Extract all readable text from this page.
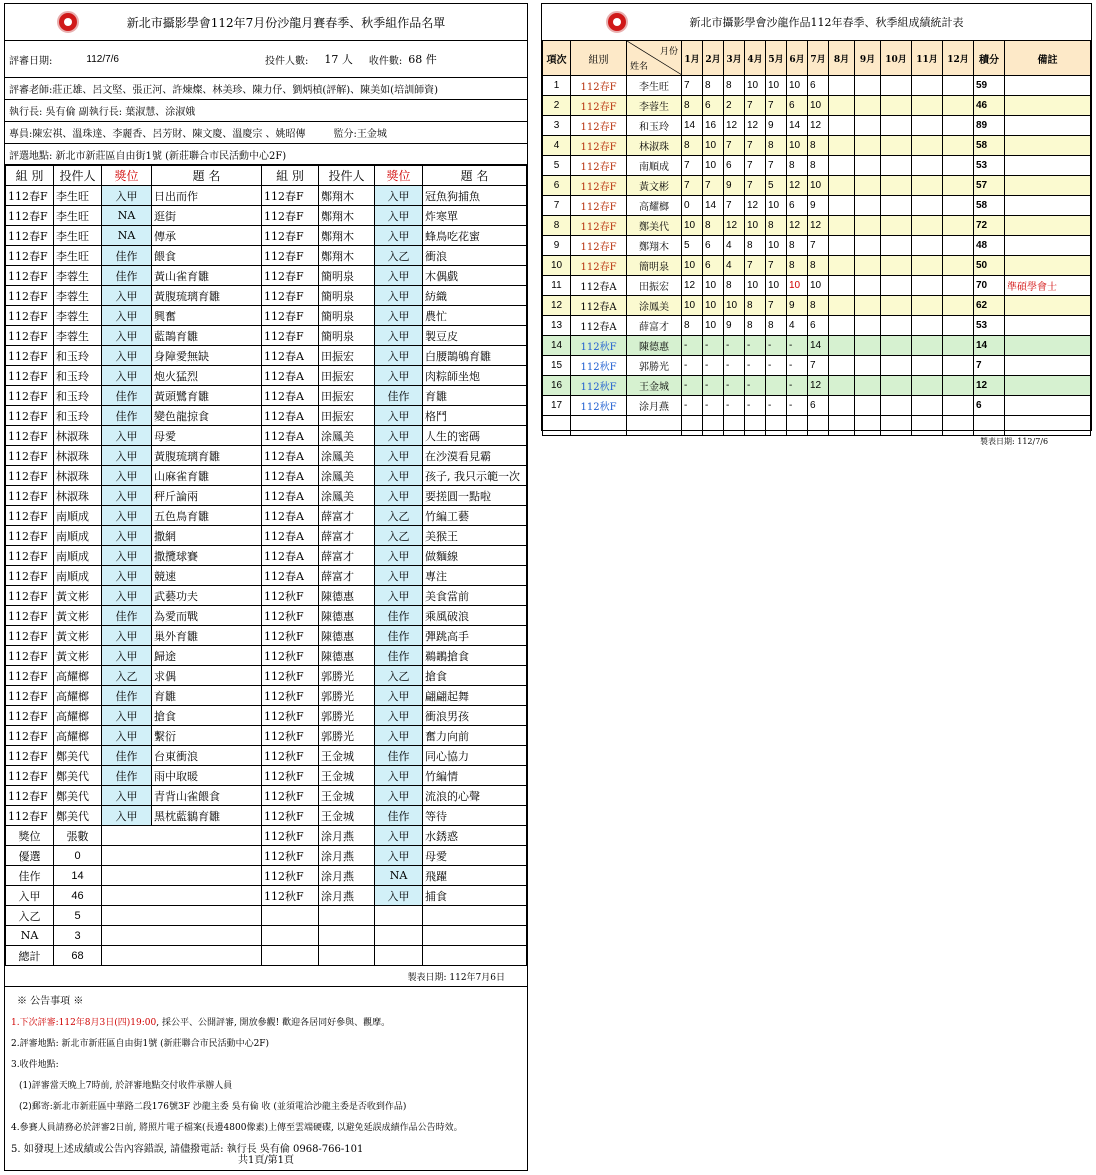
新北市攝影學會112年7月份沙龍月賽春季、秋季組作品名單
評審日期:	112/7/6	投件人數: 17 人 收件數: 68 件
評審老師:莊正雄、呂文堅、張正河、許煉燦、林美珍、陳力伃、劉炳楨(評解)、陳美如(培訓師資)
執行長: 吳有倫 副執行長: 葉淑慧、涂淑娥
專員:陳宏祺、溫珠達、李麗香、呂芳財、陳文慶、溫慶宗 、姚昭傳	監分:王金城
評選地點: 新北市新莊區自由街1號 (新莊聯合市民活動中心2F)
組 別	投件人	獎位	題 名	組 別	投件人	獎位	題 名
112春F	李生旺	入甲	日出而作	112春F	鄭翔木	入甲	冠魚狗捕魚
112春F	李生旺	NA	逛街	112春F	鄭翔木	入甲	炸寒單
112春F	李生旺	NA	傳承	112春F	鄭翔木	入甲	蜂鳥吃花蜜
112春F	李生旺	佳作	餵食	112春F	鄭翔木	入乙	衝浪
112春F	李蓉生	佳作	黃山雀育雛	112春F	簡明泉	入甲	木偶戲
112春F	李蓉生	入甲	黃腹琉璃育雛	112春F	簡明泉	入甲	紡織
112春F	李蓉生	入甲	興奮	112春F	簡明泉	入甲	農忙
112春F	李蓉生	入甲	藍鵲育雛	112春F	簡明泉	入甲	製豆皮
112春F	和玉玲	入甲	身障愛無缺	112春A	田振宏	入甲	白腰鵲鴝育雛
112春F	和玉玲	入甲	炮火猛烈	112春A	田振宏	入甲	肉粽師坐炮
112春F	和玉玲	佳作	黃頭鷺育雛	112春A	田振宏	佳作	育雛
112春F	和玉玲	佳作	變色龍掠食	112春A	田振宏	入甲	格鬥
112春F	林淑珠	入甲	母愛	112春A	涂鳳美	入甲	人生的密碼
112春F	林淑珠	入甲	黃腹琉璃育雛	112春A	涂鳳美	入甲	在沙漠看見霸
112春F	林淑珠	入甲	山麻雀育雛	112春A	涂鳳美	入甲	孩子, 我只示範一次
112春F	林淑珠	入甲	秤斤論兩	112春A	涂鳳美	入甲	要搓圓一點啦
112春F	南順成	入甲	五色鳥育雛	112春A	薛富才	入乙	竹編工藝
112春F	南順成	入甲	撒網	112春A	薛富才	入乙	美猴王
112春F	南順成	入甲	撒攬球賽	112春A	薛富才	入甲	做麵線
112春F	南順成	入甲	競速	112春A	薛富才	入甲	專注
112春F	黃文彬	入甲	武藝功夫	112秋F	陳德惠	入甲	美食當前
112春F	黃文彬	佳作	為愛而戰	112秋F	陳德惠	佳作	乘風破浪
112春F	黃文彬	入甲	巢外育雛	112秋F	陳德惠	佳作	彈跳高手
112春F	黃文彬	入甲	歸途	112秋F	陳德惠	佳作	鵜鶘搶食
112春F	高耀榔	入乙	求偶	112秋F	郭勝光	入乙	搶食
112春F	高耀榔	佳作	育雛	112秋F	郭勝光	入甲	翩翩起舞
112春F	高耀榔	入甲	搶食	112秋F	郭勝光	入甲	衝浪男孩
112春F	高耀榔	入甲	繫衍	112秋F	郭勝光	入甲	奮力向前
112春F	鄭美代	佳作	台東衝浪	112秋F	王金城	佳作	同心協力
112春F	鄭美代	佳作	雨中取暖	112秋F	王金城	入甲	竹編情
112春F	鄭美代	入甲	青背山雀餵食	112秋F	王金城	入甲	流浪的心聲
112春F	鄭美代	入甲	黑枕藍鶲育雛	112秋F	王金城	佳作	等待
獎位	張數			112秋F	涂月燕	入甲	水銹惑
優選	0			112秋F	涂月燕	入甲	母愛
佳作	14			112秋F	涂月燕	NA	飛躍
入甲	46			112秋F	涂月燕	入甲	捕食
入乙	5						
NA	3						
總計	68						
製表日期: 112年7月6日
※ 公告事項 ※
1.下次評審:112年8月3日(四)19:00 , 採公平、公開評審, 開放參觀! 歡迎各居同好參與、觀摩。
2.評審地點: 新北市新莊區自由街1號 (新莊聯合市民活動中心2F)
3.收件地點:
(1)評審當天晚上7時前, 於評審地點交付收件承辦人員
(2)郵寄:新北市新莊區中華路二段176號3F 沙龍主委 吳有倫 收 (並須電洽沙龍主委是否收到作品)
4.參賽人員請務必於評審2日前, 將照片電子檔案(長邊4800像素)上傳至雲端硬碟, 以避免延誤成績作品公告時效。
5. 如發現上述成績或公告內容錯誤, 請儘撥電話: 執行長 吳有倫 0968-766-101
共1頁/第1頁
新北市攝影學會沙龍作品112年春季、秋季組成績統計表
項次	組別	月份
姓名	1月	2月	3月	4月	5月	6月	7月	8月	9月	10月	11月	12月	積分	備註
1	112春F	李生旺	7	8	8	10	10	10	6						59	
2	112春F	李蓉生	8	6	2	7	7	6	10						46	
3	112春F	和玉玲	14	16	12	12	9	14	12						89	
4	112春F	林淑珠	8	10	7	7	8	10	8						58	
5	112春F	南順成	7	10	6	7	7	8	8						53	
6	112春F	黃文彬	7	7	9	7	5	12	10						57	
7	112春F	高耀榔	0	14	7	12	10	6	9						58	
8	112春F	鄭美代	10	8	12	10	8	12	12						72	
9	112春F	鄭翔木	5	6	4	8	10	8	7						48	
10	112春F	簡明泉	10	6	4	7	7	8	8						50	
11	112春A	田振宏	12	10	8	10	10	10	10						70	準碩學會士
12	112春A	涂鳳美	10	10	10	8	7	9	8						62	
13	112春A	薛富才	8	10	9	8	8	4	6						53	
14	112秋F	陳德惠	-	-	-	-	-	-	14						14	
15	112秋F	郭勝光	-	-	-	-	-	-	7						7	
16	112秋F	王金城	-	-	-	-		-	12						12	
17	112秋F	涂月燕	-	-	-	-	-	-	6						6	

製表日期: 112/7/6
